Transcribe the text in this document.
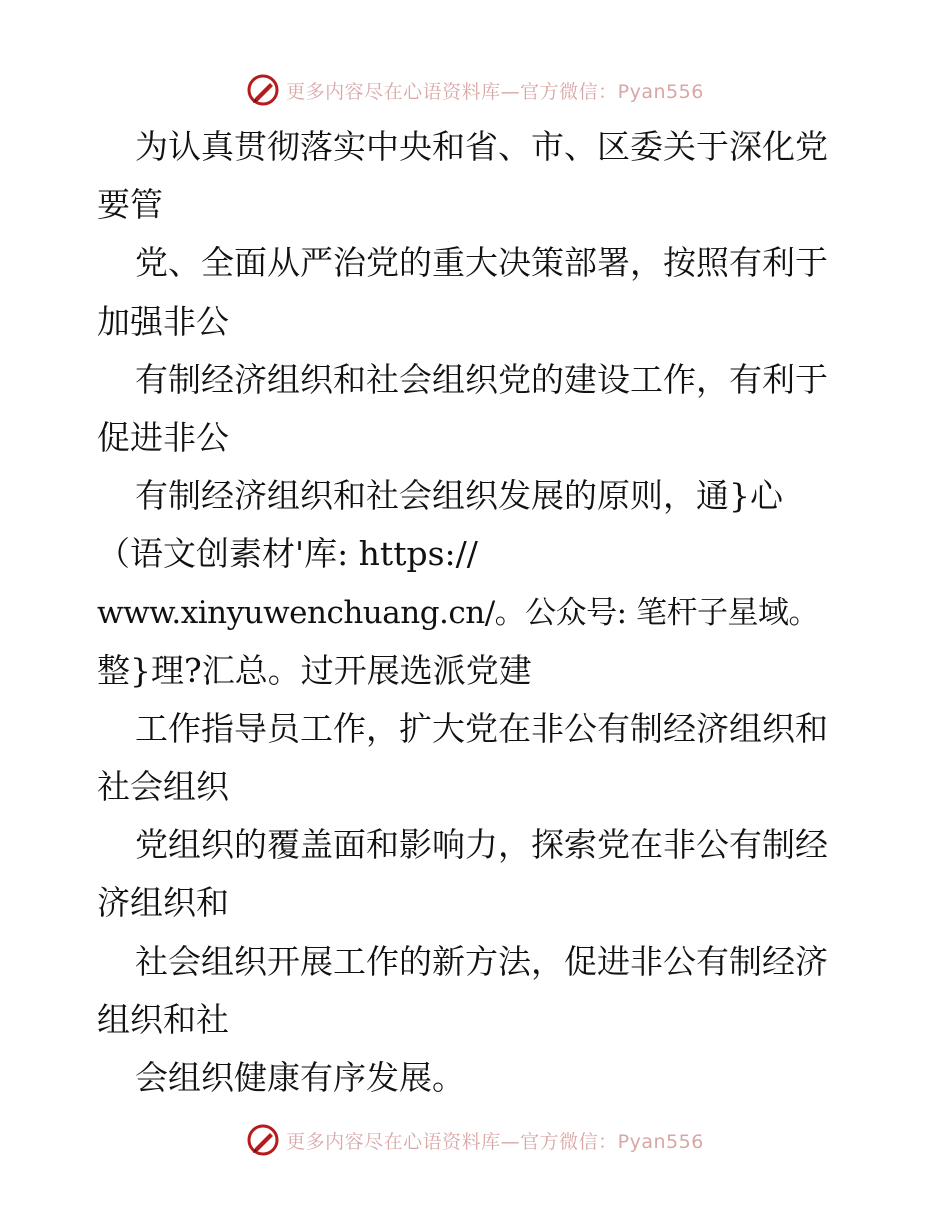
更多内容尽在心语资料库—官方微信：Pyan556
为认真贯彻落实中央和省、市、区委关于深化党
要管
党、全面从严治党的重大决策部署，按照有利于
加强非公
有制经济组织和社会组织党的建设工作，有利于
促进非公
有制经济组织和社会组织发展的原则，通}心
（语文创素材'库: https://
www.xinyuwenchuang.cn/。公众号: 笔杆子星域。
整}理?汇总。过开展选派党建
工作指导员工作，扩大党在非公有制经济组织和
社会组织
党组织的覆盖面和影响力，探索党在非公有制经
济组织和
社会组织开展工作的新方法，促进非公有制经济
组织和社
会组织健康有序发展。
更多内容尽在心语资料库—官方微信：Pyan556
